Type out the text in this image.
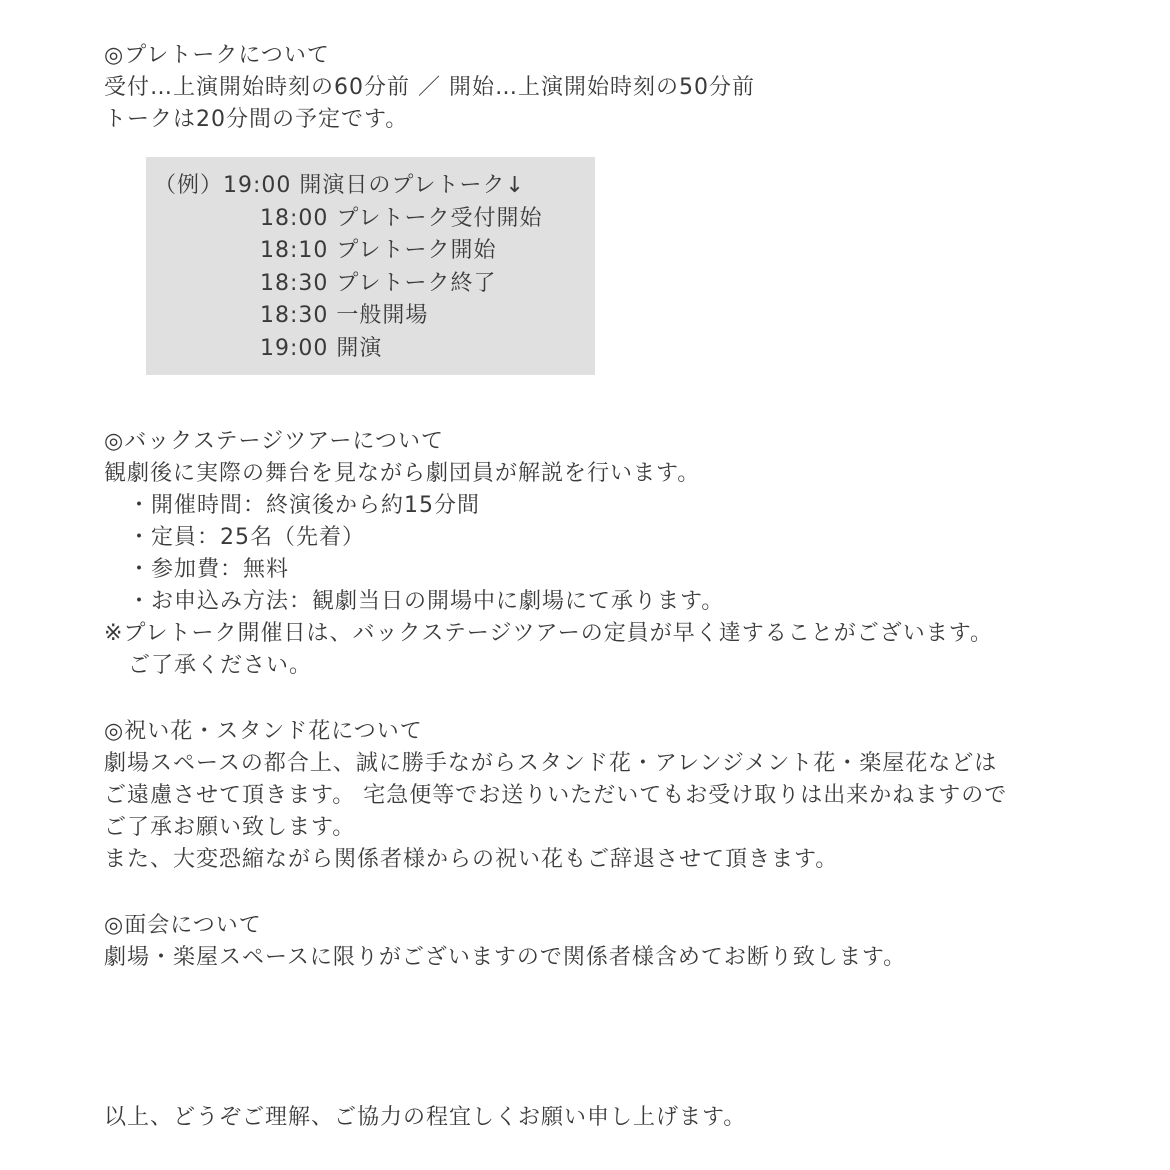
◎プレトークについて
受付…上演開始時刻の60分前 ／ 開始…上演開始時刻の50分前
トークは20分間の予定です。
（例）19:00 開演日のプレトーク↓
18:00 プレトーク受付開始
18:10 プレトーク開始
18:30 プレトーク終了
18:30 一般開場
19:00 開演
◎バックステージツアーについて
観劇後に実際の舞台を見ながら劇団員が解説を行います。
・開催時間：終演後から約15分間
・定員：25名（先着）
・参加費：無料
・お申込み方法：観劇当日の開場中に劇場にて承ります。
※プレトーク開催日は、バックステージツアーの定員が早く達することがございます。
ご了承ください。
◎祝い花・スタンド花について
劇場スペースの都合上、誠に勝手ながらスタンド花・アレンジメント花・楽屋花などは
ご遠慮させて頂きます。 宅急便等でお送りいただいてもお受け取りは出来かねますので
ご了承お願い致します。
また、大変恐縮ながら関係者様からの祝い花もご辞退させて頂きます。
◎面会について
劇場・楽屋スペースに限りがございますので関係者様含めてお断り致します。
以上、どうぞご理解、ご協力の程宜しくお願い申し上げます。
